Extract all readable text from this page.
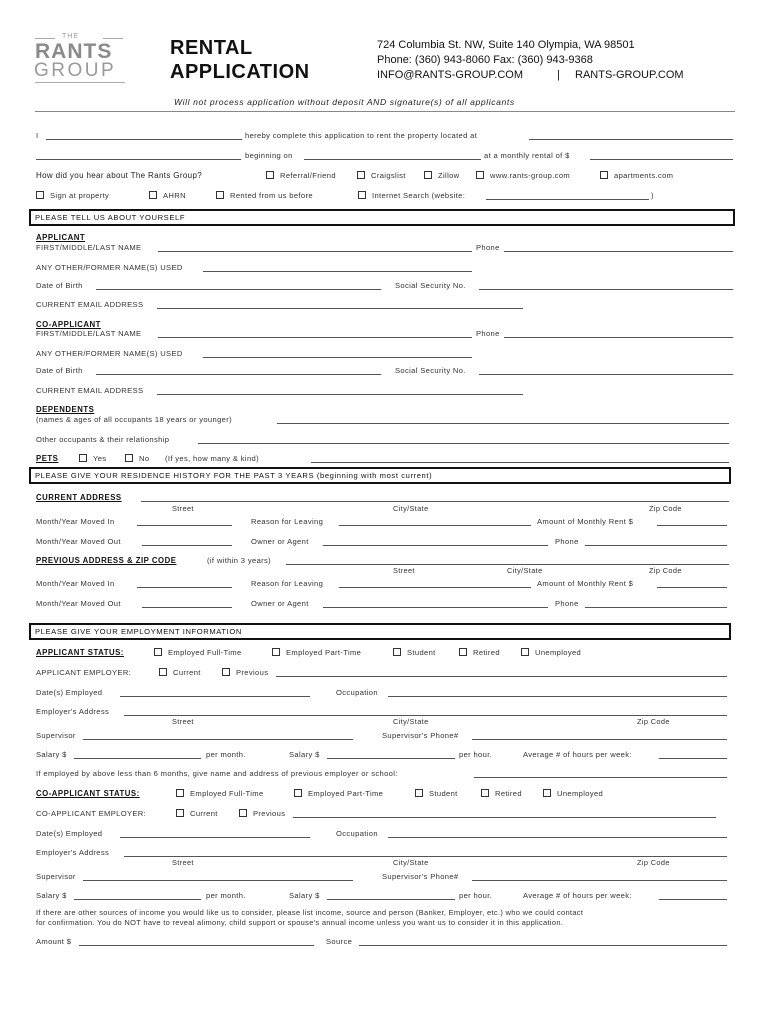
THE
RANTS
GROUP
RENTAL
APPLICATION
724 Columbia St. NW, Suite 140 Olympia, WA 98501
Phone: (360) 943-8060 Fax: (360) 943-9368
INFO@RANTS-GROUP.COM	| RANTS-GROUP.COM
Will not process application without deposit AND signature(s) of all applicants
I	hereby complete this application to rent the property located at
beginning on	at a monthly rental of $
How did you hear about The Rants Group?	Referral/Friend	Craigslist	Zillow	www.rants-group.com	apartments.com
Sign at property	AHRN	Rented from us before	Internet Search (website:	)
PLEASE TELL US ABOUT YOURSELF
APPLICANT
FIRST/MIDDLE/LAST NAME	Phone
ANY OTHER/FORMER NAME(S) USED
Date of Birth	Social Security No.
CURRENT EMAIL ADDRESS
CO-APPLICANT
FIRST/MIDDLE/LAST NAME	Phone
ANY OTHER/FORMER NAME(S) USED
Date of Birth	Social Security No.
CURRENT EMAIL ADDRESS
DEPENDENTS
(names & ages of all occupants 18 years or younger)
Other occupants & their relationship
PETS	Yes	No (If yes, how many & kind)
PLEASE GIVE YOUR RESIDENCE HISTORY FOR THE PAST 3 YEARS (beginning with most current)
CURRENT ADDRESS
Street	City/State	Zip Code
Month/Year Moved In	Reason for Leaving	Amount of Monthly Rent $
Month/Year Moved Out	Owner or Agent	Phone
PREVIOUS ADDRESS & ZIP CODE	(if within 3 years)
Street	City/State	Zip Code
Month/Year Moved In	Reason for Leaving	Amount of Monthly Rent $
Month/Year Moved Out	Owner or Agent	Phone
PLEASE GIVE YOUR EMPLOYMENT INFORMATION
APPLICANT STATUS:	Employed Full-Time	Employed Part-Time	Student	Retired	Unemployed
APPLICANT EMPLOYER:	Current	Previous
Date(s) Employed	Occupation
Employer's Address
Street	City/State	Zip Code
Supervisor	Supervisor's Phone#
Salary $	per month.	Salary $	per hour.	Average # of hours per week:
If employed by above less than 6 months, give name and address of previous employer or school:
CO-APPLICANT STATUS:	Employed Full-Time	Employed Part-Time	Student	Retired	Unemployed
CO-APPLICANT EMPLOYER:	Current	Previous
Date(s) Employed	Occupation
Employer's Address
Street	City/State	Zip Code
Supervisor	Supervisor's Phone#
Salary $	per month.	Salary $	per hour.	Average # of hours per week:
If there are other sources of income you would like us to consider, please list income, source and person (Banker, Employer, etc.) who we could contact
for confirmation. You do NOT have to reveal alimony, child support or spouse's annual income unless you want us to consider it in this application.
Amount $	Source
